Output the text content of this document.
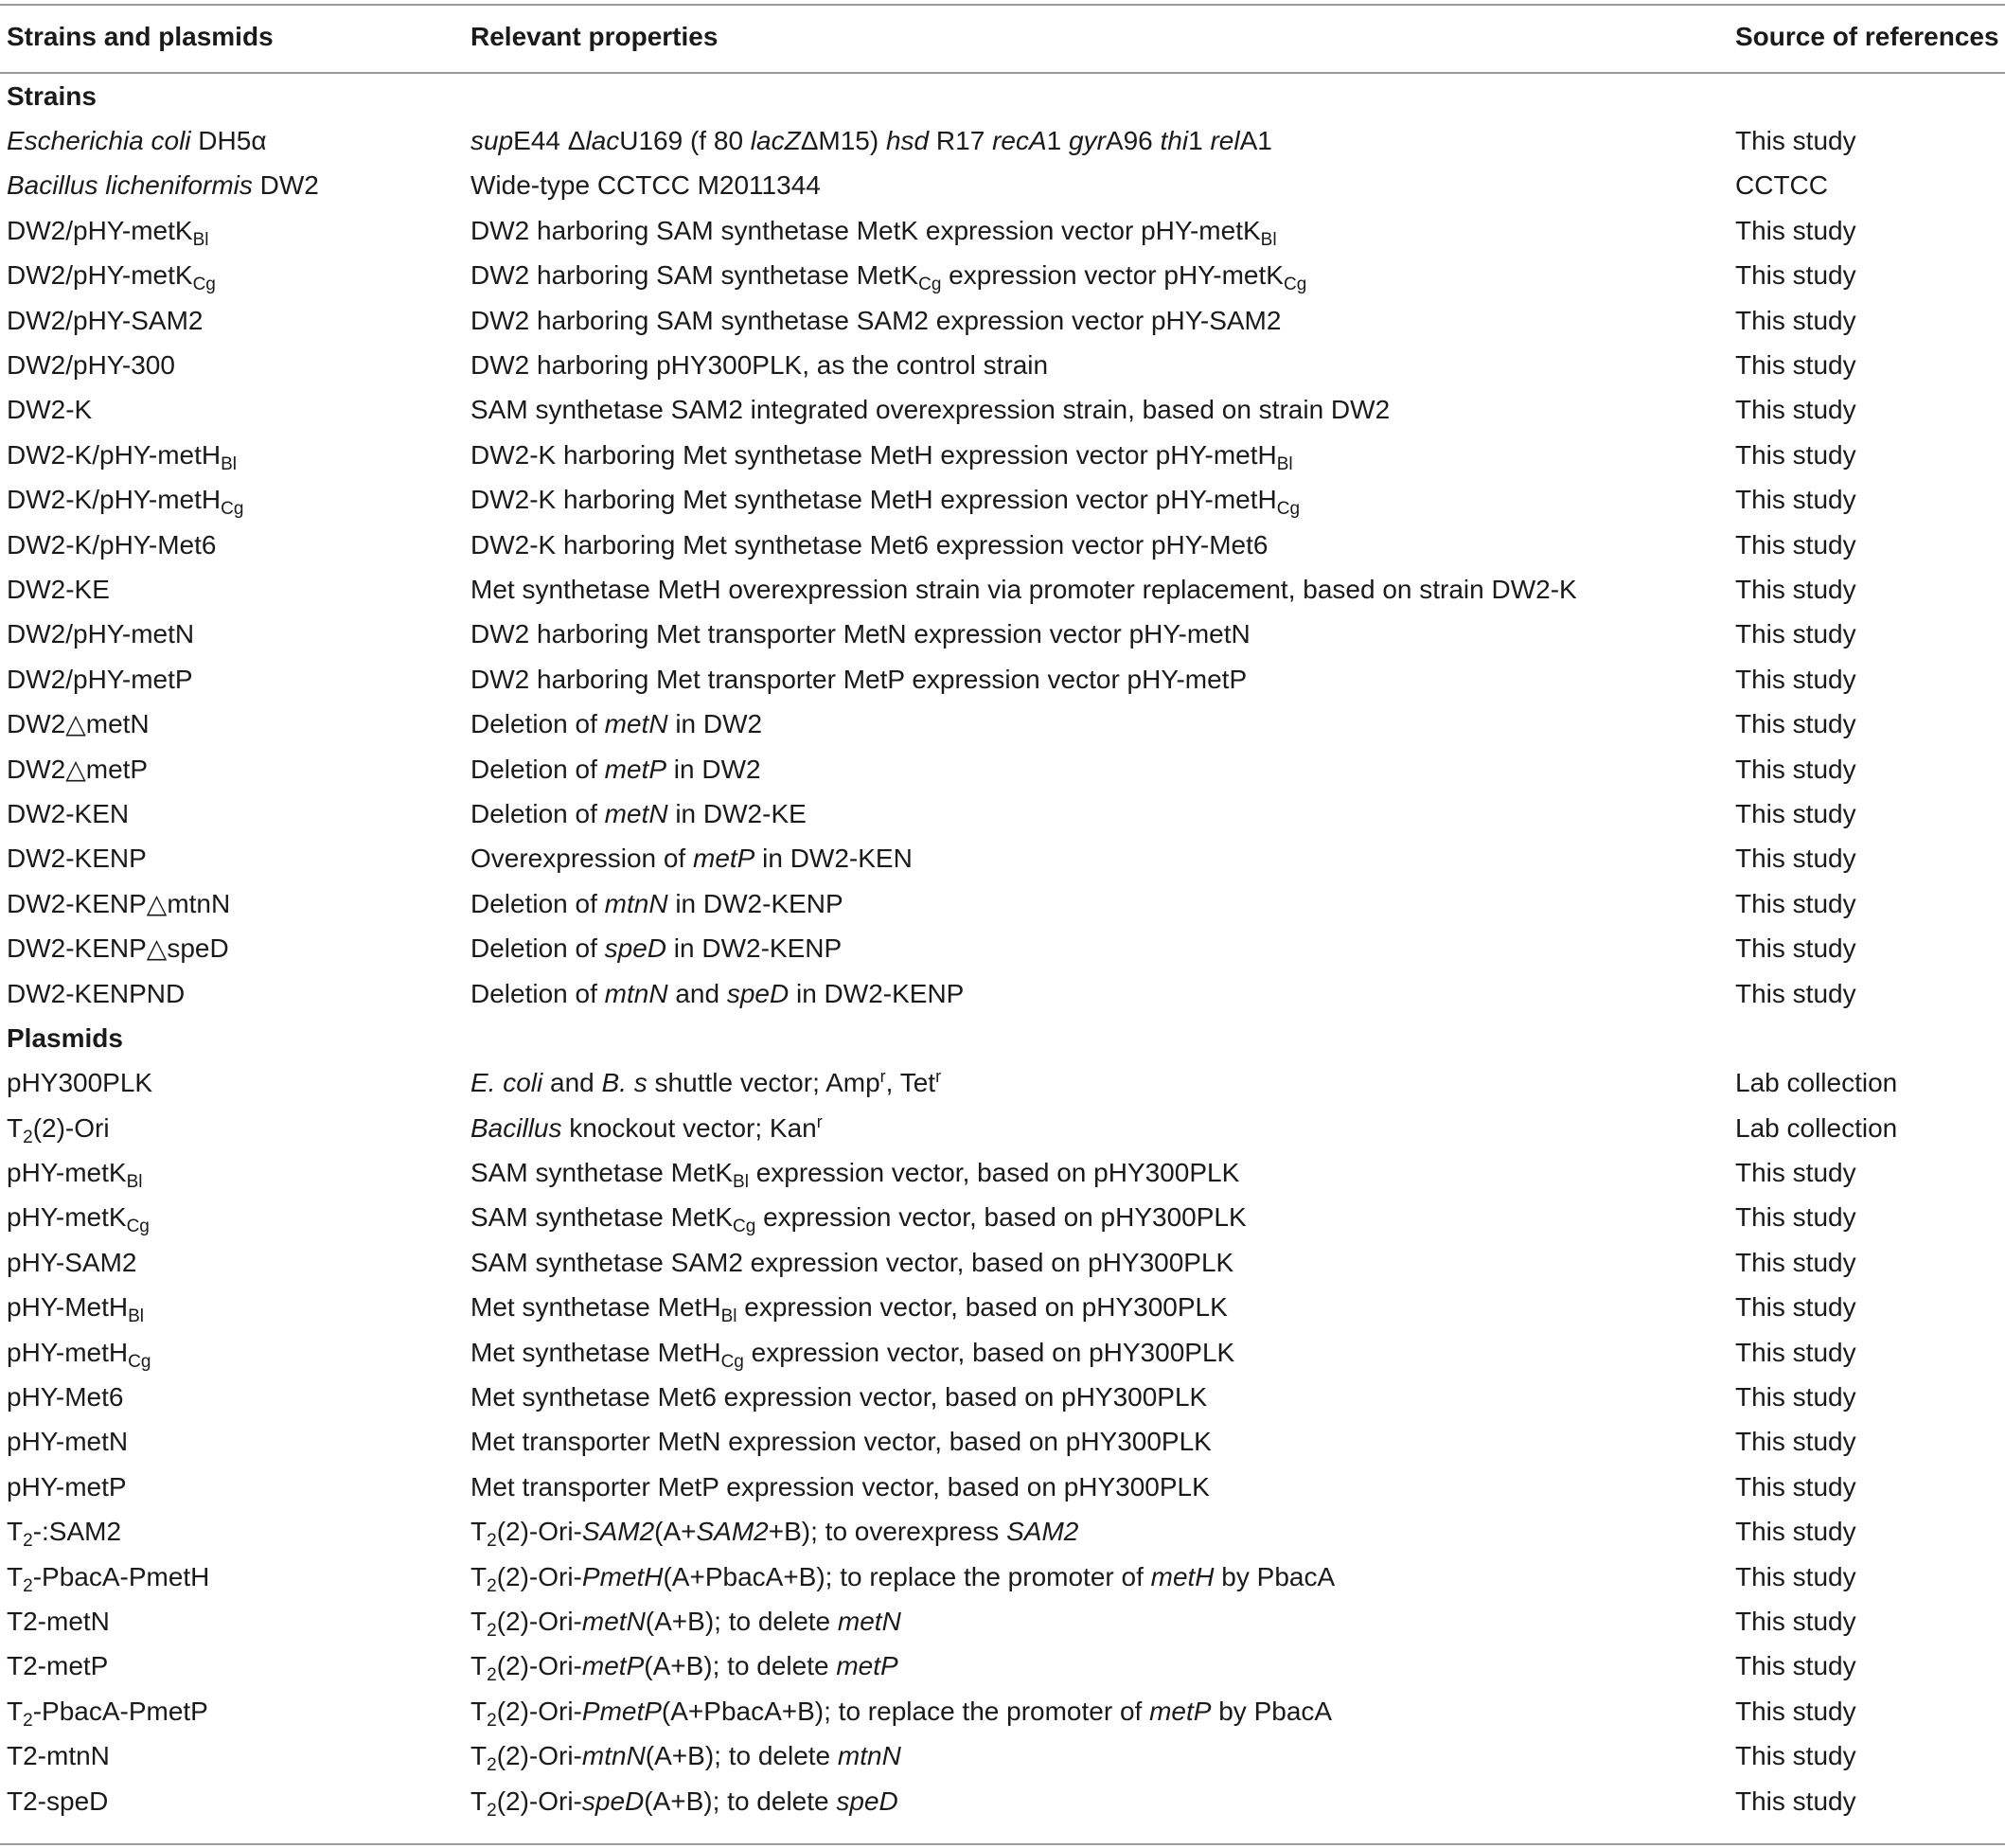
Strains and plasmids	Relevant properties	Source of references
Strains		
Escherichia coli DH5α	supE44 ΔlacU169 (f 80 lacZΔM15) hsd R17 recA1 gyrA96 thi1 relA1	This study
Bacillus licheniformis DW2	Wide-type CCTCC M2011344	CCTCC
DW2/pHY-metK$_{Bl}$	DW2 harboring SAM synthetase MetK expression vector pHY-metK$_{Bl}$	This study
DW2/pHY-metK$_{Cg}$	DW2 harboring SAM synthetase MetK$_{Cg}$ expression vector pHY-metK$_{Cg}$	This study
DW2/pHY-SAM2	DW2 harboring SAM synthetase SAM2 expression vector pHY-SAM2	This study
DW2/pHY-300	DW2 harboring pHY300PLK, as the control strain	This study
DW2-K	SAM synthetase SAM2 integrated overexpression strain, based on strain DW2	This study
DW2-K/pHY-metH$_{Bl}$	DW2-K harboring Met synthetase MetH expression vector pHY-metH$_{Bl}$	This study
DW2-K/pHY-metH$_{Cg}$	DW2-K harboring Met synthetase MetH expression vector pHY-metH$_{Cg}$	This study
DW2-K/pHY-Met6	DW2-K harboring Met synthetase Met6 expression vector pHY-Met6	This study
DW2-KE	Met synthetase MetH overexpression strain via promoter replacement, based on strain DW2-K	This study
DW2/pHY-metN	DW2 harboring Met transporter MetN expression vector pHY-metN	This study
DW2/pHY-metP	DW2 harboring Met transporter MetP expression vector pHY-metP	This study
DW2△metN	Deletion of metN in DW2	This study
DW2△metP	Deletion of metP in DW2	This study
DW2-KEN	Deletion of metN in DW2-KE	This study
DW2-KENP	Overexpression of metP in DW2-KEN	This study
DW2-KENP△mtnN	Deletion of mtnN in DW2-KENP	This study
DW2-KENP△speD	Deletion of speD in DW2-KENP	This study
DW2-KENPND	Deletion of mtnN and speD in DW2-KENP	This study
Plasmids		
pHY300PLK	E. coli and B. s shuttle vector; Amp$^r$, Tet$^r$	Lab collection
$T_2(2)$-Ori	Bacillus knockout vector; Kan$^r$	Lab collection
pHY-metK$_{Bl}$	SAM synthetase MetK$_{Bl}$ expression vector, based on pHY300PLK	This study
pHY-metK$_{Cg}$	SAM synthetase MetK$_{Cg}$ expression vector, based on pHY300PLK	This study
pHY-SAM2	SAM synthetase SAM2 expression vector, based on pHY300PLK	This study
pHY-MetH$_{Bl}$	Met synthetase MetH$_{Bl}$ expression vector, based on pHY300PLK	This study
pHY-metH$_{Cg}$	Met synthetase MetH$_{Cg}$ expression vector, based on pHY300PLK	This study
pHY-Met6	Met synthetase Met6 expression vector, based on pHY300PLK	This study
pHY-metN	Met transporter MetN expression vector, based on pHY300PLK	This study
pHY-metP	Met transporter MetP expression vector, based on pHY300PLK	This study
$T_2-:SAM2$	$T_2(2)-Ori-SAM2(A+SAM2+B)$; to overexpress SAM2	This study
$T_2-PbacA$-PmetH	$T_2(2)-Ori-PmetH(A+PbacA+B)$; to replace the promoter of metH by PbacA	This study
T2-metN	$T_2(2)-Ori-metN(A+B)$; to delete metN	This study
T2-metP	$T_2(2)-Ori-metP(A+B)$; to delete metP	This study
$T_2-PbacA$-PmetP	$T_2(2)-Ori-PmetP(A+PbacA+B)$; to replace the promoter of metP by PbacA	This study
T2-mtnN	$T_2(2)-Ori-mtnN(A+B)$; to delete mtnN	This study
T2-speD	$T_2(2)-Ori-speD(A+B)$; to delete speD	This study
